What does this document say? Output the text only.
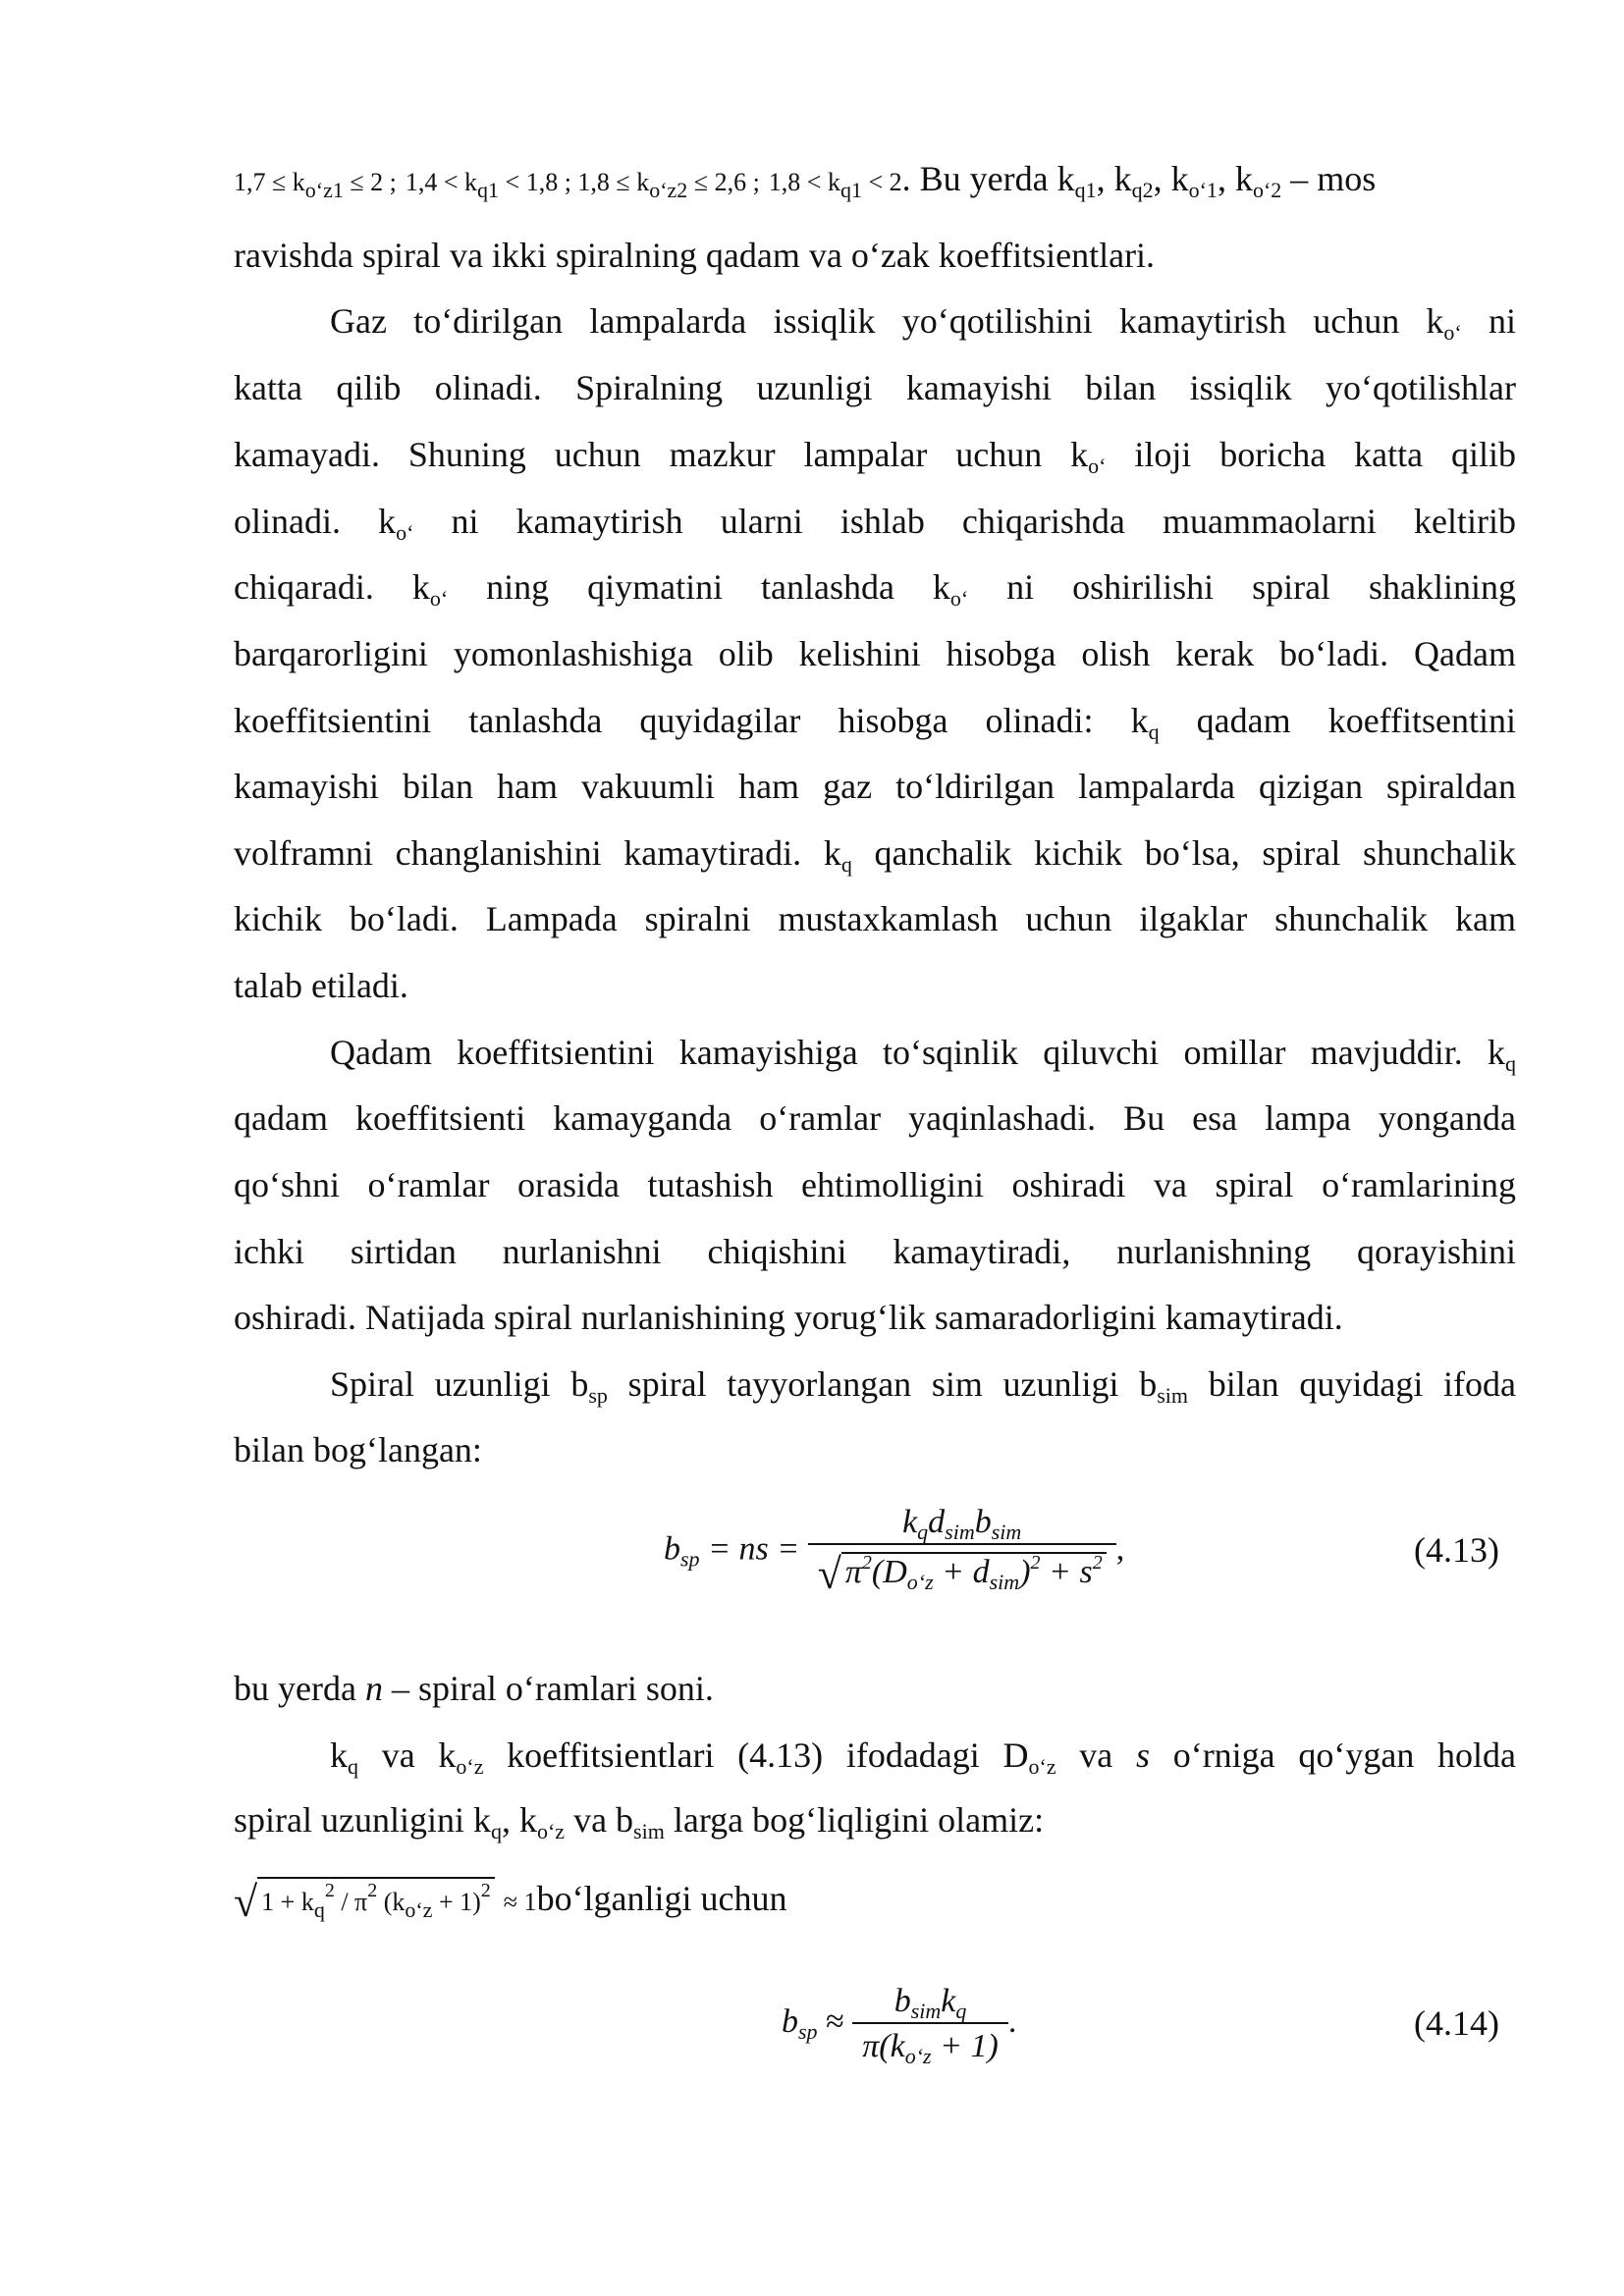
$1,7 \le k_{o‘z1} \le 2$ ; $1,4 < k_{q1} < 1,8$ ; $1,8 \le k_{o‘z2} \le 2,6$ ; $1,8 < k_{q1} < 2$. Bu yerda $k_{q1}$, $k_{q2}$, $k_{o‘1}$, $k_{o‘2}$ – mos
ravishda spiral va ikki spiralning qadam va o‘zak koeffitsientlari.
Gaz to‘dirilgan lampalarda issiqlik yo‘qotilishini kamaytirish uchun $k_{o‘}$ ni
katta qilib olinadi. Spiralning uzunligi kamayishi bilan issiqlik yo‘qotilishlar
kamayadi. Shuning uchun mazkur lampalar uchun $k_{o‘}$ iloji boricha katta qilib
olinadi. $k_{o‘}$ ni kamaytirish ularni ishlab chiqarishda muammaolarni keltirib
chiqaradi. $k_{o‘}$ ning qiymatini tanlashda $k_{o‘}$ ni oshirilishi spiral shaklining
barqarorligini yomonlashishiga olib kelishini hisobga olish kerak bo‘ladi. Qadam
koeffitsientini tanlashda quyidagilar hisobga olinadi: $k_q$ qadam koeffitsentini
kamayishi bilan ham vakuumli ham gaz to‘ldirilgan lampalarda qizigan spiraldan
volframni changlanishini kamaytiradi. $k_q$ qanchalik kichik bo‘lsa, spiral shunchalik
kichik bo‘ladi. Lampada spiralni mustaxkamlash uchun ilgaklar shunchalik kam
talab etiladi.
Qadam koeffitsientini kamayishiga to‘sqinlik qiluvchi omillar mavjuddir. $k_q$
qadam koeffitsienti kamayganda o‘ramlar yaqinlashadi. Bu esa lampa yonganda
qo‘shni o‘ramlar orasida tutashish ehtimolligini oshiradi va spiral o‘ramlarining
ichki sirtidan nurlanishni chiqishini kamaytiradi, nurlanishning qorayishini
oshiradi. Natijada spiral nurlanishining yorug‘lik samaradorligini kamaytiradi.
Spiral uzunligi $b_{sp}$ spiral tayyorlangan sim uzunligi $b_{sim}$ bilan quyidagi ifoda
bilan bog‘langan:
$b_{sp}$ = ns = $\frac{k_qd_{sim}b_{sim}}{√ \pi^2(D_{o‘z} + d_{sim})^2 + s^2}$ ,	(4.13)
bu yerda n – spiral o‘ramlari soni.
$k_q$ va $k_{o‘z}$ koeffitsientlari (4.13) ifodadagi $D_{o‘z}$ va s o‘rniga qo‘ygan holda
spiral uzunligini $k_q$, $k_{o‘z}$ va $b_{sim}$ larga bog‘liqligini olamiz:
√ $1 + k_q^2 / \pi^2$ $(k_{o‘z} + 1)^2$ ≈ 1bo‘lganligi uchun
$b_{sp} \approx \frac{b_{sim}k_q}{\pi(k_{o‘z} + 1)}$ .	(4.14)
